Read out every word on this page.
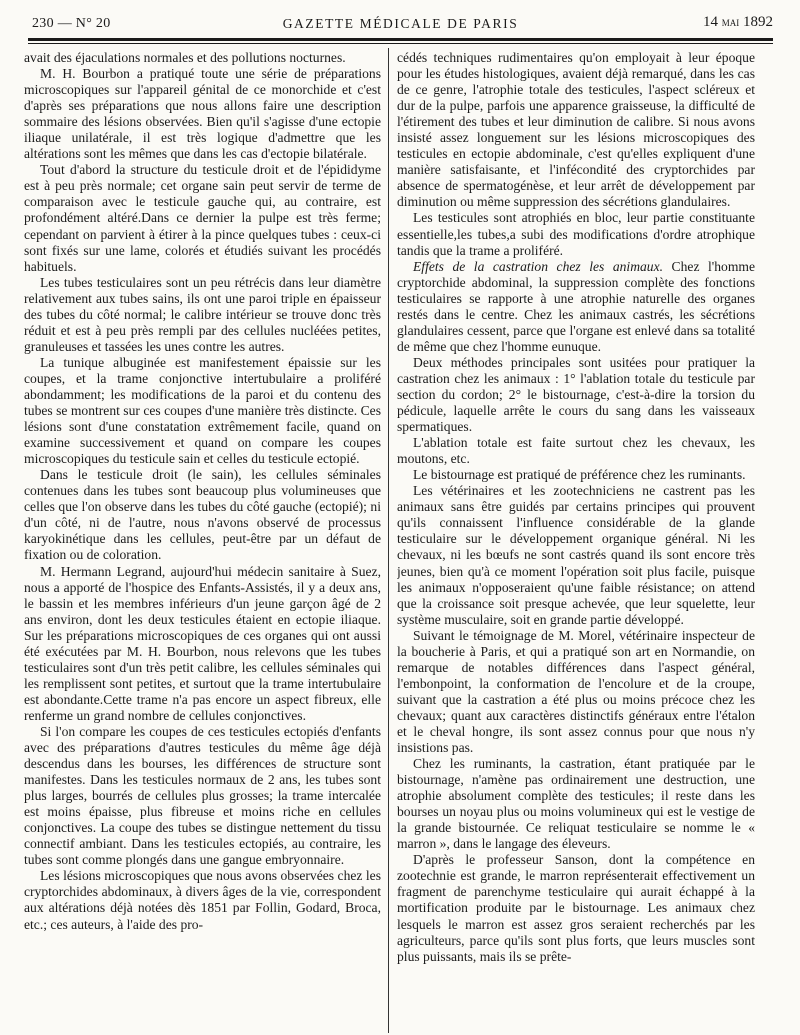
230 — N° 20	GAZETTE MÉDICALE DE PARIS	14 mai 1892

avait des éjaculations normales et des pollutions nocturnes.

M. H. Bourbon a pratiqué toute une série de préparations microscopiques sur l'appareil génital de ce monorchide et c'est d'après ses préparations que nous allons faire une description sommaire des lésions observées. Bien qu'il s'agisse d'une ectopie iliaque unilatérale, il est très logique d'admettre que les altérations sont les mêmes que dans les cas d'ectopie bilatérale.

Tout d'abord la structure du testicule droit et de l'épididyme est à peu près normale; cet organe sain peut servir de terme de comparaison avec le testicule gauche qui, au contraire, est profondément altéré.Dans ce dernier la pulpe est très ferme; cependant on parvient à étirer à la pince quelques tubes : ceux-ci sont fixés sur une lame, colorés et étudiés suivant les procédés habituels.

Les tubes testiculaires sont un peu rétrécis dans leur diamètre relativement aux tubes sains, ils ont une paroi triple en épaisseur des tubes du côté normal; le calibre intérieur se trouve donc très réduit et est à peu près rempli par des cellules nucléées petites, granuleuses et tassées les unes contre les autres.

La tunique albuginée est manifestement épaissie sur les coupes, et la trame conjonctive intertubulaire a proliféré abondamment; les modifications de la paroi et du contenu des tubes se montrent sur ces coupes d'une manière très distincte. Ces lésions sont d'une constatation extrêmement facile, quand on examine successivement et quand on compare les coupes microscopiques du testicule sain et celles du testicule ectopié.

Dans le testicule droit (le sain), les cellules séminales contenues dans les tubes sont beaucoup plus volumineuses que celles que l'on observe dans les tubes du côté gauche (ectopié); ni d'un côté, ni de l'autre, nous n'avons observé de processus karyokinétique dans les cellules, peut-être par un défaut de fixation ou de coloration.

M. Hermann Legrand, aujourd'hui médecin sanitaire à Suez, nous a apporté de l'hospice des Enfants-Assistés, il y a deux ans, le bassin et les membres inférieurs d'un jeune garçon âgé de 2 ans environ, dont les deux testicules étaient en ectopie iliaque. Sur les préparations microscopiques de ces organes qui ont aussi été exécutées par M. H. Bourbon, nous relevons que les tubes testiculaires sont d'un très petit calibre, les cellules séminales qui les remplissent sont petites, et surtout que la trame intertubulaire est abondante.Cette trame n'a pas encore un aspect fibreux, elle renferme un grand nombre de cellules conjonctives.

Si l'on compare les coupes de ces testicules ectopiés d'enfants avec des préparations d'autres testicules du même âge déjà descendus dans les bourses, les différences de structure sont manifestes. Dans les testicules normaux de 2 ans, les tubes sont plus larges, bourrés de cellules plus grosses; la trame intercalée est moins épaisse, plus fibreuse et moins riche en cellules conjonctives. La coupe des tubes se distingue nettement du tissu connectif ambiant. Dans les testicules ectopiés, au contraire, les tubes sont comme plongés dans une gangue embryonnaire.

Les lésions microscopiques que nous avons observées chez les cryptorchides abdominaux, à divers âges de la vie, correspondent aux altérations déjà notées dès 1851 par Follin, Godard, Broca, etc.; ces auteurs, à l'aide des pro-

cédés techniques rudimentaires qu'on employait à leur époque pour les études histologiques, avaient déjà remarqué, dans les cas de ce genre, l'atrophie totale des testicules, l'aspect scléreux et dur de la pulpe, parfois une apparence graisseuse, la difficulté de l'étirement des tubes et leur diminution de calibre. Si nous avons insisté assez longuement sur les lésions microscopiques des testicules en ectopie abdominale, c'est qu'elles expliquent d'une manière satisfaisante, et l'infécondité des cryptorchides par absence de spermatogénèse, et leur arrêt de développement par diminution ou même suppression des sécrétions glandulaires.

Les testicules sont atrophiés en bloc, leur partie constituante essentielle,les tubes,a subi des modifications d'ordre atrophique tandis que la trame a proliféré.

Effets de la castration chez les animaux. Chez l'homme cryptorchide abdominal, la suppression complète des fonctions testiculaires se rapporte à une atrophie naturelle des organes restés dans le centre. Chez les animaux castrés, les sécrétions glandulaires cessent, parce que l'organe est enlevé dans sa totalité de même que chez l'homme eunuque.

Deux méthodes principales sont usitées pour pratiquer la castration chez les animaux : 1° l'ablation totale du testicule par section du cordon; 2° le bistournage, c'est-à-dire la torsion du pédicule, laquelle arrête le cours du sang dans les vaisseaux spermatiques.

L'ablation totale est faite surtout chez les chevaux, les moutons, etc.

Le bistournage est pratiqué de préférence chez les ruminants.

Les vétérinaires et les zootechniciens ne castrent pas les animaux sans être guidés par certains principes qui prouvent qu'ils connaissent l'influence considérable de la glande testiculaire sur le développement organique général. Ni les chevaux, ni les bœufs ne sont castrés quand ils sont encore très jeunes, bien qu'à ce moment l'opération soit plus facile, puisque les animaux n'opposeraient qu'une faible résistance; on attend que la croissance soit presque achevée, que leur squelette, leur système musculaire, soit en grande partie développé.

Suivant le témoignage de M. Morel, vétérinaire inspecteur de la boucherie à Paris, et qui a pratiqué son art en Normandie, on remarque de notables différences dans l'aspect général, l'embonpoint, la conformation de l'encolure et de la croupe, suivant que la castration a été plus ou moins précoce chez les chevaux; quant aux caractères distinctifs généraux entre l'étalon et le cheval hongre, ils sont assez connus pour que nous n'y insistions pas.

Chez les ruminants, la castration, étant pratiquée par le bistournage, n'amène pas ordinairement une destruction, une atrophie absolument complète des testicules; il reste dans les bourses un noyau plus ou moins volumineux qui est le vestige de la grande bistournée. Ce reliquat testiculaire se nomme le « marron », dans le langage des éleveurs.

D'après le professeur Sanson, dont la compétence en zootechnie est grande, le marron représenterait effectivement un fragment de parenchyme testiculaire qui aurait échappé à la mortification produite par le bistournage. Les animaux chez lesquels le marron est assez gros seraient recherchés par les agriculteurs, parce qu'ils sont plus forts, que leurs muscles sont plus puissants, mais ils se prête-
